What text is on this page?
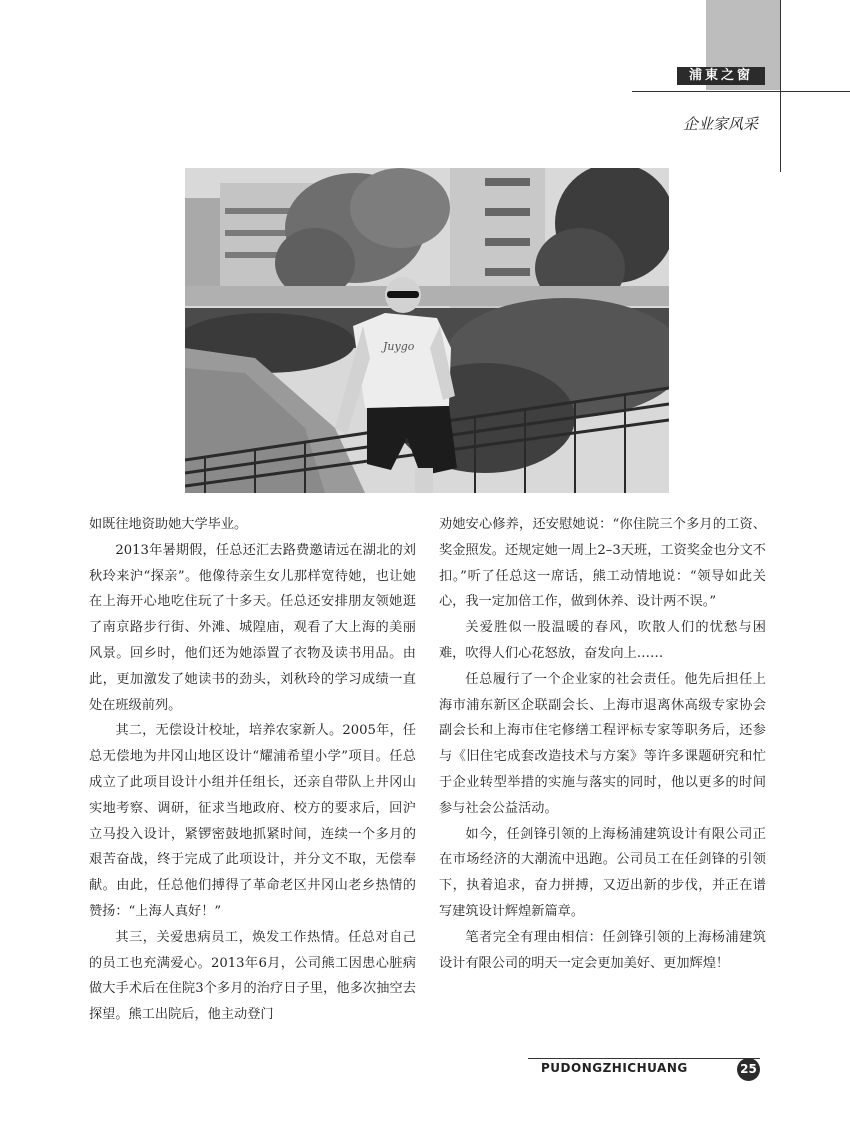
浦東之窗
企业家风采
Juygo

如既往地资助她大学毕业。

2013年暑期假，任总还汇去路费邀请远在湖北的刘秋玲来沪“探亲”。他像待亲生女儿那样宽待她，也让她在上海开心地吃住玩了十多天。任总还安排朋友领她逛了南京路步行街、外滩、城隍庙，观看了大上海的美丽风景。回乡时，他们还为她添置了衣物及读书用品。由此，更加激发了她读书的劲头，刘秋玲的学习成绩一直处在班级前列。

其二，无偿设计校址，培养农家新人。2005年，任总无偿地为井冈山地区设计“耀浦希望小学”项目。任总成立了此项目设计小组并任组长，还亲自带队上井冈山实地考察、调研，征求当地政府、校方的要求后，回沪立马投入设计，紧锣密鼓地抓紧时间，连续一个多月的艰苦奋战，终于完成了此项设计，并分文不取，无偿奉献。由此，任总他们搏得了革命老区井冈山老乡热情的赞扬：“上海人真好！”

其三，关爱患病员工，焕发工作热情。任总对自己的员工也充满爱心。2013年6月，公司熊工因患心脏病做大手术后在住院3个多月的治疗日子里，他多次抽空去探望。熊工出院后，他主动登门

劝她安心修养，还安慰她说：“你住院三个多月的工资、奖金照发。还规定她一周上2–3天班，工资奖金也分文不扣。”听了任总这一席话，熊工动情地说：“领导如此关心，我一定加倍工作，做到休养、设计两不误。”

关爱胜似一股温暖的春风，吹散人们的忧愁与困难，吹得人们心花怒放，奋发向上……

任总履行了一个企业家的社会责任。他先后担任上海市浦东新区企联副会长、上海市退离休高级专家协会副会长和上海市住宅修缮工程评标专家等职务后，还参与《旧住宅成套改造技术与方案》等许多课题研究和忙于企业转型举措的实施与落实的同时，他以更多的时间参与社会公益活动。

如今，任剑锋引领的上海杨浦建筑设计有限公司正在市场经济的大潮流中迅跑。公司员工在任剑锋的引领下，执着追求，奋力拼搏，又迈出新的步伐，并正在谱写建筑设计辉煌新篇章。

笔者完全有理由相信：任剑锋引领的上海杨浦建筑设计有限公司的明天一定会更加美好、更加辉煌！

PUDONGZHICHUANG	25
